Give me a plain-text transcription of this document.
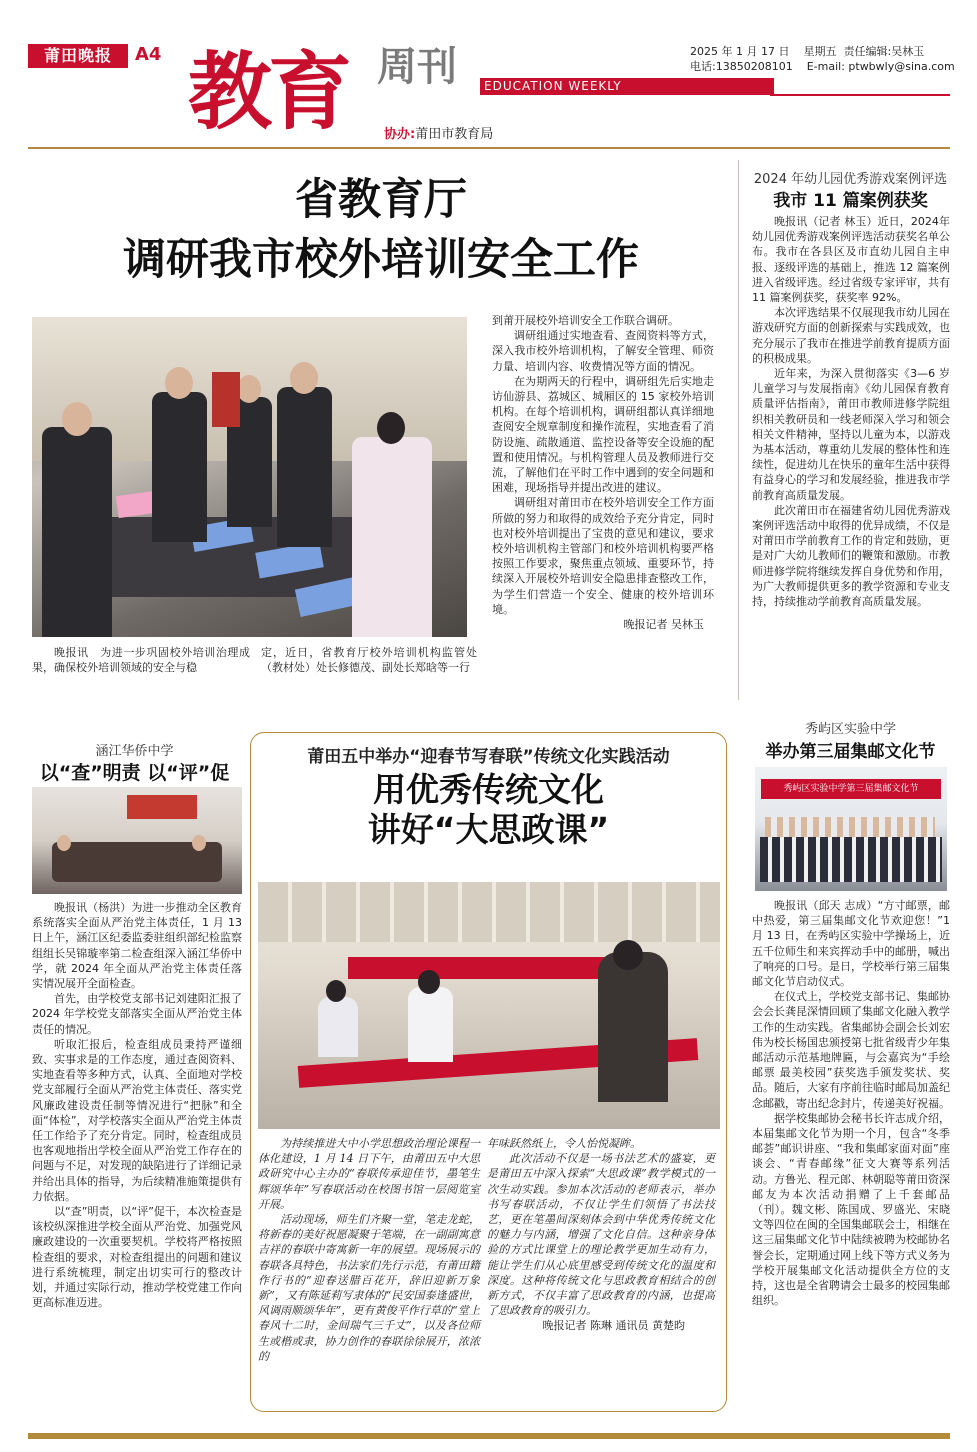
莆田晚报	A4 教育 周刊	EDUCATION WEEKLY
协办:莆田市教育局
2025 年 1 月 17 日 星期五 责任编辑:吴林玉
电话:13850208101 E-mail: ptwbwly@sina.com
省教育厅
调研我市校外培训安全工作

晚报讯　为进一步巩固校外培训治理成果，确保校外培训领域的安全与稳

定，近日，省教育厅校外培训机构监管处（教材处）处长修德茂、副处长郑晗等一行
到莆开展校外培训安全工作联合调研。

调研组通过实地查看、查阅资料等方式，深入我市校外培训机构，了解安全管理、师资力量、培训内容、收费情况等方面的情况。

在为期两天的行程中，调研组先后实地走访仙游县、荔城区、城厢区的 15 家校外培训机构。在每个培训机构，调研组都认真详细地查阅安全规章制度和操作流程，实地查看了消防设施、疏散通道、监控设备等安全设施的配置和使用情况。与机构管理人员及教师进行交流，了解他们在平时工作中遇到的安全问题和困难，现场指导并提出改进的建议。

调研组对莆田市在校外培训安全工作方面所做的努力和取得的成效给予充分肯定，同时也对校外培训提出了宝贵的意见和建议，要求校外培训机构主管部门和校外培训机构要严格按照工作要求，聚焦重点领域、重要环节，持续深入开展校外培训安全隐患排查整改工作，为学生们营造一个安全、健康的校外培训环境。

晚报记者 吴林玉
2024 年幼儿园优秀游戏案例评选
我市 11 篇案例获奖

晚报讯（记者 林玉）近日，2024年幼儿园优秀游戏案例评选活动获奖名单公布。我市在各县区及市直幼儿园自主申报、逐级评选的基础上，推选 12 篇案例进入省级评选。经过省级专家评审，共有 11 篇案例获奖，获奖率 92%。

本次评选结果不仅展现我市幼儿园在游戏研究方面的创新探索与实践成效，也充分展示了我市在推进学前教育提质方面的积极成果。

近年来，为深入贯彻落实《3—6 岁儿童学习与发展指南》《幼儿园保育教育质量评估指南》，莆田市教师进修学院组织相关教研员和一线老师深入学习和领会相关文件精神，坚持以儿童为本，以游戏为基本活动，尊重幼儿发展的整体性和连续性，促进幼儿在快乐的童年生活中获得有益身心的学习和发展经验，推进我市学前教育高质量发展。

此次莆田市在福建省幼儿园优秀游戏案例评选活动中取得的优异成绩，不仅是对莆田市学前教育工作的肯定和鼓励，更是对广大幼儿教师们的鞭策和激励。市教师进修学院将继续发挥自身优势和作用，为广大教师提供更多的教学资源和专业支持，持续推动学前教育高质量发展。

涵江华侨中学
以“查”明责 以“评”促

晚报讯（杨洪）为进一步推动全区教育系统落实全面从严治党主体责任，1 月 13 日上午，涵江区纪委监委驻组织部纪检监察组组长吴锦璇率第二检查组深入涵江华侨中学，就 2024 年全面从严治党主体责任落实情况展开全面检查。

首先，由学校党支部书记刘建阳汇报了 2024 年学校党支部落实全面从严治党主体责任的情况。

听取汇报后，检查组成员秉持严谨细致、实事求是的工作态度，通过查阅资料、实地查看等多种方式，认真、全面地对学校党支部履行全面从严治党主体责任、落实党风廉政建设责任制等情况进行“把脉”和全面“体检”，对学校落实全面从严治党主体责任工作给予了充分肯定。同时，检查组成员也客观地指出学校全面从严治党工作存在的问题与不足，对发现的缺陷进行了详细记录并给出具体的指导，为后续精准施策提供有力依据。

以“查”明责，以“评”促干，本次检查是该校纵深推进学校全面从严治党、加强党风廉政建设的一次重要契机。学校将严格按照检查组的要求，对检查组提出的问题和建议进行系统梳理，制定出切实可行的整改计划，并通过实际行动，推动学校党建工作向更高标准迈进。

莆田五中举办“迎春节写春联”传统文化实践活动
用优秀传统文化
讲好“大思政课”

为持续推进大中小学思想政治理论课程一体化建设，1 月 14 日下午，由莆田五中大思政研究中心主办的“春联传承迎佳节，墨笔生辉颂华年”写春联活动在校图书馆一层阅览室开展。

活动现场，师生们齐聚一堂，笔走龙蛇，将新春的美好祝愿凝聚于笔端，在一副副寓意吉祥的春联中寄寓新一年的展望。现场展示的春联各具特色，书法家们先行示范，有莆田籍作行书的“迎春送腊百花开，辞旧迎新万象新”，又有陈延莉写隶体的“民安国泰逢盛世，风调雨顺颂华年”，更有黄俊平作行草的“堂上春风十二时，金间瑞气三千丈”，以及各位师生或楷或隶，协力创作的春联徐徐展开，浓浓的

年味跃然纸上，令人怡悦凝眸。

此次活动不仅是一场书法艺术的盛宴，更是莆田五中深入探索“大思政课”教学模式的一次生动实践。参加本次活动的老师表示，举办书写春联活动，不仅让学生们领悟了书法技艺，更在笔墨间深刻体会到中华优秀传统文化的魅力与内涵，增强了文化自信。这种亲身体验的方式比课堂上的理论教学更加生动有力，能让学生们从心底里感受到传统文化的温度和深度。这种将传统文化与思政教育相结合的创新方式，不仅丰富了思政教育的内涵，也提高了思政教育的吸引力。

晚报记者 陈琳 通讯员 黄楚昀
秀屿区实验中学
举办第三届集邮文化节
秀屿区实验中学第三届集邮文化节

晚报讯（邱天 志成）“方寸邮票，邮中热爱，第三届集邮文化节欢迎您！”1 月 13 日，在秀屿区实验中学操场上，近五千位师生和来宾挥动手中的邮册，喊出了响亮的口号。是日，学校举行第三届集邮文化节启动仪式。

在仪式上，学校党支部书记、集邮协会会长龚昆深情回顾了集邮文化融入教学工作的生动实践。省集邮协会副会长刘宏伟为校长杨国忠颁授第七批省级青少年集邮活动示范基地牌匾，与会嘉宾为“手绘邮票 最美校园”获奖选手颁发奖状、奖品。随后，大家有序前往临时邮局加盖纪念邮戳，寄出纪念封片，传递美好祝福。

据学校集邮协会秘书长许志成介绍，本届集邮文化节为期一个月，包含“冬季邮荟”邮识讲座、“我和集邮家面对面”座谈会、“青春邮缘”征文大赛等系列活动。方鲁光、程元郎、林朝聪等莆田资深邮友为本次活动捐赠了上千套邮品（刊）。魏文彬、陈国成、罗盛光、宋晓文等四位在闽的全国集邮联会士，相继在这三届集邮文化节中陆续被聘为校邮协名誉会长，定期通过网上线下等方式义务为学校开展集邮文化活动提供全方位的支持，这也是全省聘请会士最多的校园集邮组织。
